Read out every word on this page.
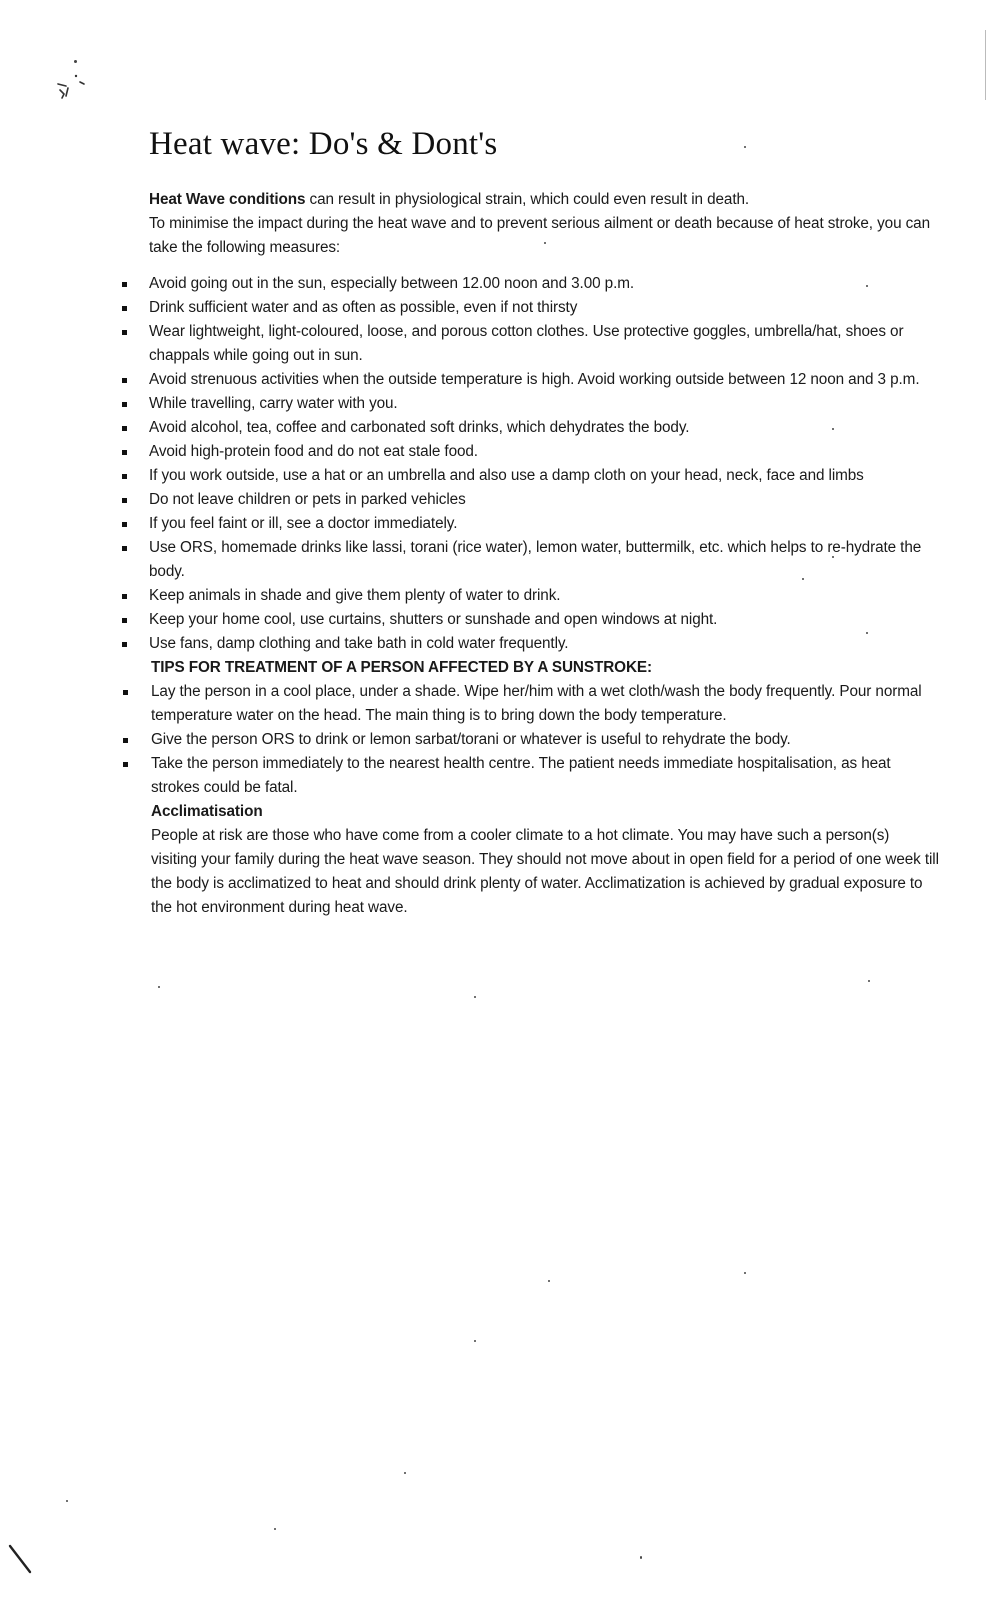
Heat wave: Do's & Dont's

Heat Wave conditions can result in physiological strain, which could even result in death.

To minimise the impact during the heat wave and to prevent serious ailment or death because of heat stroke, you can take the following measures:

Avoid going out in the sun, especially between 12.00 noon and 3.00 p.m.
Drink sufficient water and as often as possible, even if not thirsty
Wear lightweight, light-coloured, loose, and porous cotton clothes. Use protective goggles, umbrella/hat, shoes or chappals while going out in sun.
Avoid strenuous activities when the outside temperature is high. Avoid working outside between 12 noon and 3 p.m.
While travelling, carry water with you.
Avoid alcohol, tea, coffee and carbonated soft drinks, which dehydrates the body.
Avoid high-protein food and do not eat stale food.
If you work outside, use a hat or an umbrella and also use a damp cloth on your head, neck, face and limbs
Do not leave children or pets in parked vehicles
If you feel faint or ill, see a doctor immediately.
Use ORS, homemade drinks like lassi, torani (rice water), lemon water, buttermilk, etc. which helps to re-hydrate the body.
Keep animals in shade and give them plenty of water to drink.
Keep your home cool, use curtains, shutters or sunshade and open windows at night.
Use fans, damp clothing and take bath in cold water frequently.

TIPS FOR TREATMENT OF A PERSON AFFECTED BY A SUNSTROKE:

Lay the person in a cool place, under a shade. Wipe her/him with a wet cloth/wash the body frequently. Pour normal temperature water on the head. The main thing is to bring down the body temperature.
Give the person ORS to drink or lemon sarbat/torani or whatever is useful to rehydrate the body.
Take the person immediately to the nearest health centre. The patient needs immediate hospitalisation, as heat strokes could be fatal.

Acclimatisation

People at risk are those who have come from a cooler climate to a hot climate. You may have such a person(s) visiting your family during the heat wave season. They should not move about in open field for a period of one week till the body is acclimatized to heat and should drink plenty of water. Acclimatization is achieved by gradual exposure to the hot environment during heat wave.
